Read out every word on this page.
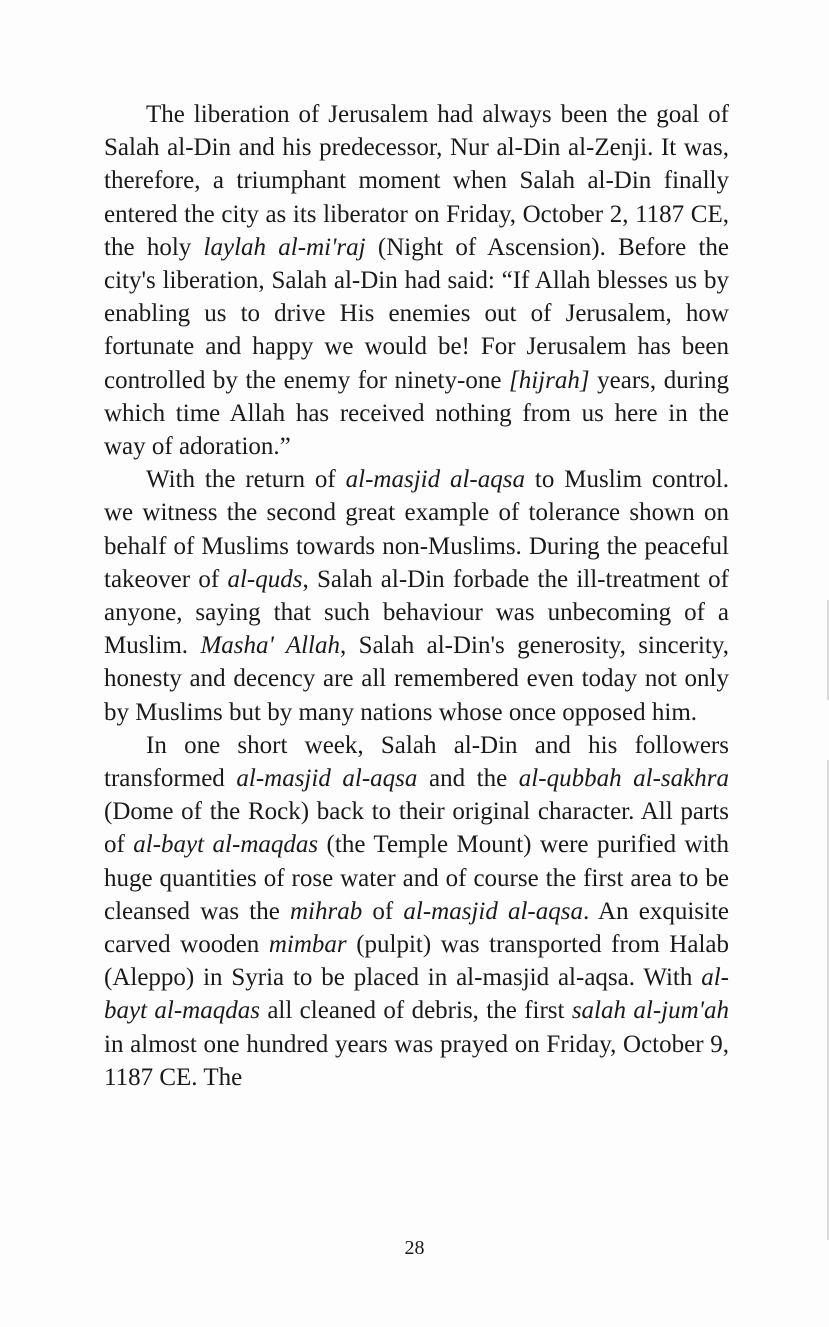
The liberation of Jerusalem had always been the goal of Salah al-Din and his predecessor, Nur al-Din al-Zenji. It was, therefore, a triumphant moment when Salah al-Din finally entered the city as its liberator on Friday, October 2, 1187 CE, the holy laylah al-mi'raj (Night of Ascension). Before the city's liberation, Salah al-Din had said: “If Allah blesses us by enabling us to drive His enemies out of Jerusalem, how fortunate and happy we would be! For Jerusalem has been controlled by the enemy for ninety-one [hijrah] years, during which time Allah has received nothing from us here in the way of adoration.”

With the return of al-masjid al-aqsa to Muslim control. we witness the second great example of tolerance shown on behalf of Muslims towards non-Muslims. During the peaceful takeover of al-quds, Salah al-Din forbade the ill-treatment of anyone, saying that such behaviour was unbecoming of a Muslim. Masha' Allah, Salah al-Din's generosity, sincerity, honesty and decency are all remembered even today not only by Muslims but by many nations whose once opposed him.

In one short week, Salah al-Din and his followers transformed al-masjid al-aqsa and the al-qubbah al-sakhra (Dome of the Rock) back to their original character. All parts of al-bayt al-maqdas (the Temple Mount) were purified with huge quantities of rose water and of course the first area to be cleansed was the mihrab of al-masjid al-aqsa. An exquisite carved wooden mimbar (pulpit) was transported from Halab (Aleppo) in Syria to be placed in al-masjid al-aqsa. With al-bayt al-maqdas all cleaned of debris, the first salah al-jum'ah in almost one hundred years was prayed on Friday, October 9, 1187 CE. The

28
